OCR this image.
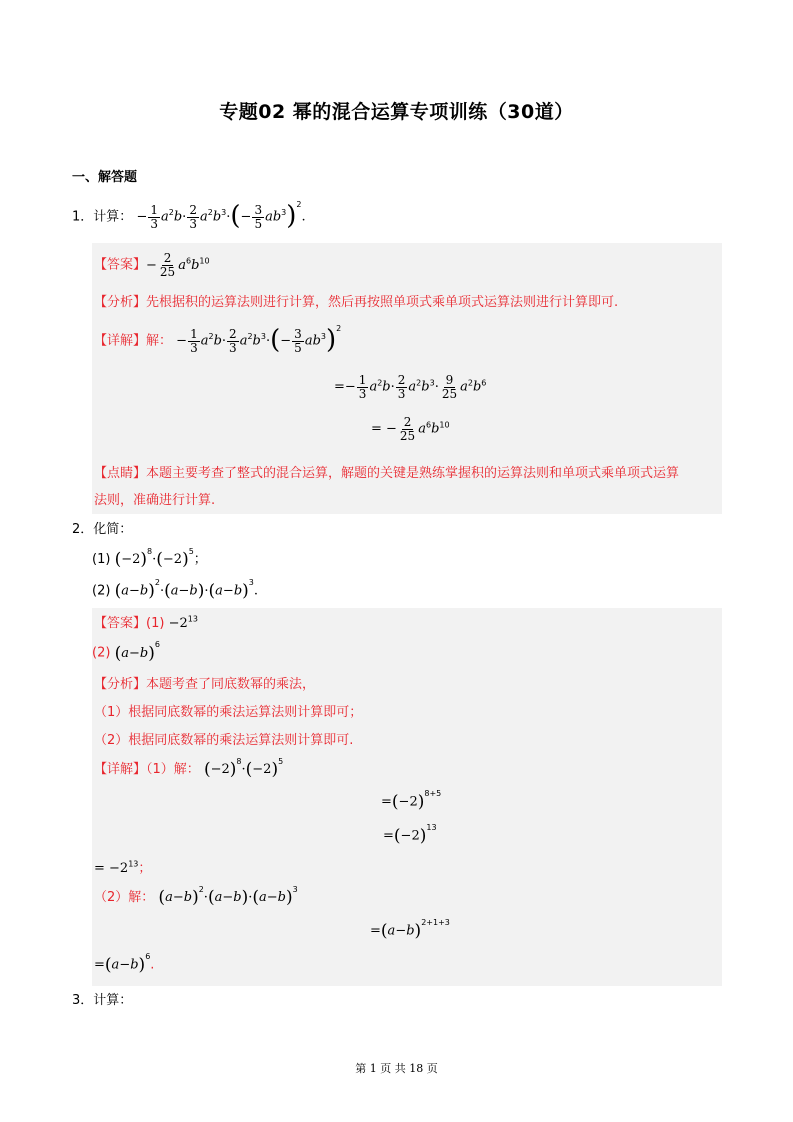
专题02 幂的混合运算专项训练（30道）
一、解答题
1．计算： − $\frac{1}{3} a^2b\cdot \frac{2}{3} a^2b^3\cdot(- \frac{3}{5} ab^3)^2$.
【答案】− $\frac{2}{25} a^6b^{10}$
【分析】先根据积的运算法则进行计算，然后再按照单项式乘单项式运算法则进行计算即可.
【详解】解： − $\frac{1}{3} a^2b\cdot \frac{2}{3} a^2b^3\cdot(- \frac{3}{5} ab^3)^2$
=− $\frac{1}{3} a^2b\cdot \frac{2}{3} a^2b^3\cdot \frac{9}{25} a^2b^6$
= − $\frac{2}{25} a^6b^{10}$
【点睛】本题主要考查了整式的混合运算，解题的关键是熟练掌握积的运算法则和单项式乘单项式运算
法则，准确进行计算.
2．化简：
(1) $(-2)^8\cdot(-2)^5$；
(2) $(a-b)^2\cdot(a-b)\cdot(a-b)^3$.
【答案】$(1) -2^{13}$
(2) $(a-b)^6$
【分析】本题考查了同底数幂的乘法，
（1）根据同底数幂的乘法运算法则计算即可；
（2）根据同底数幂的乘法运算法则计算即可.
【详解】（1）解： $(-2)^8\cdot(-2)^5$
$=(-2)^{8+5}$
$=(-2)^{13}$
= $-2^{13}$；
（2）解： $(a-b)^2\cdot(a-b)\cdot(a-b)^3$
$=(a-b)^{2+1+3}$
$=(a-b)^6$.
3．计算：
第 1 页 共 18 页
